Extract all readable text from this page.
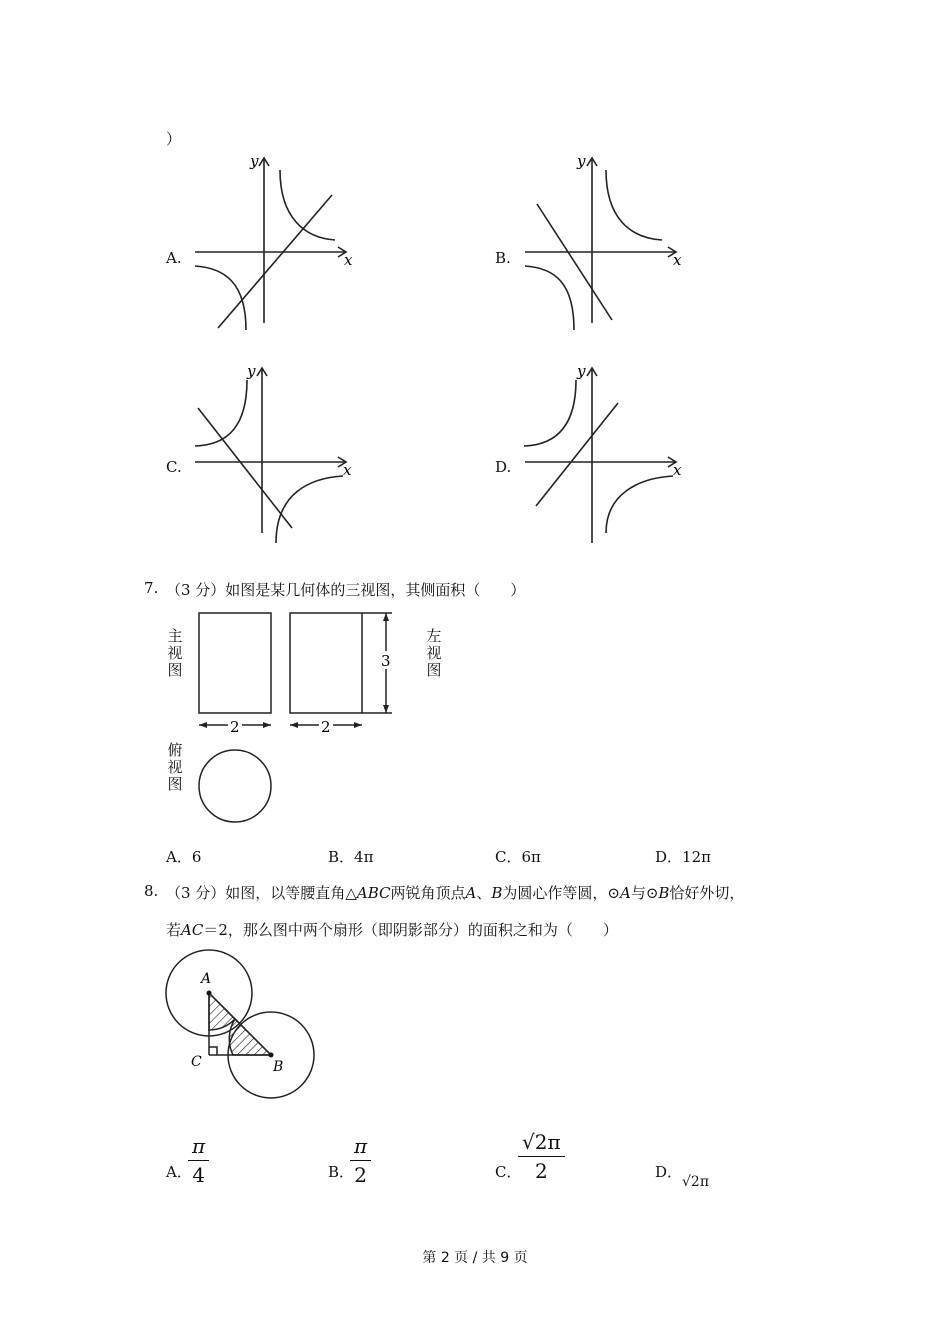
）
A.	B.
C.	D.
y
x
y
x
y
x
y
x
7. （3 分）如图是某几何体的三视图，其侧面积（　　）
主视图
左视图
俯视图
2	2
3
A．6	B．4π	C．6π	D．12π
8. （3 分）如图，以等腰直角△ABC两锐角顶点A、B为圆心作等圆，⊙A与⊙B恰好外切，
若AC＝2，那么图中两个扇形（即阴影部分）的面积之和为（　　）
A
B
C
A．
$\frac{\pi}{4}$	B．
$\frac{\pi}{2}$	C．
$\frac{√2\pi}{2}$	D．
√2π
第 2 页 / 共 9 页
